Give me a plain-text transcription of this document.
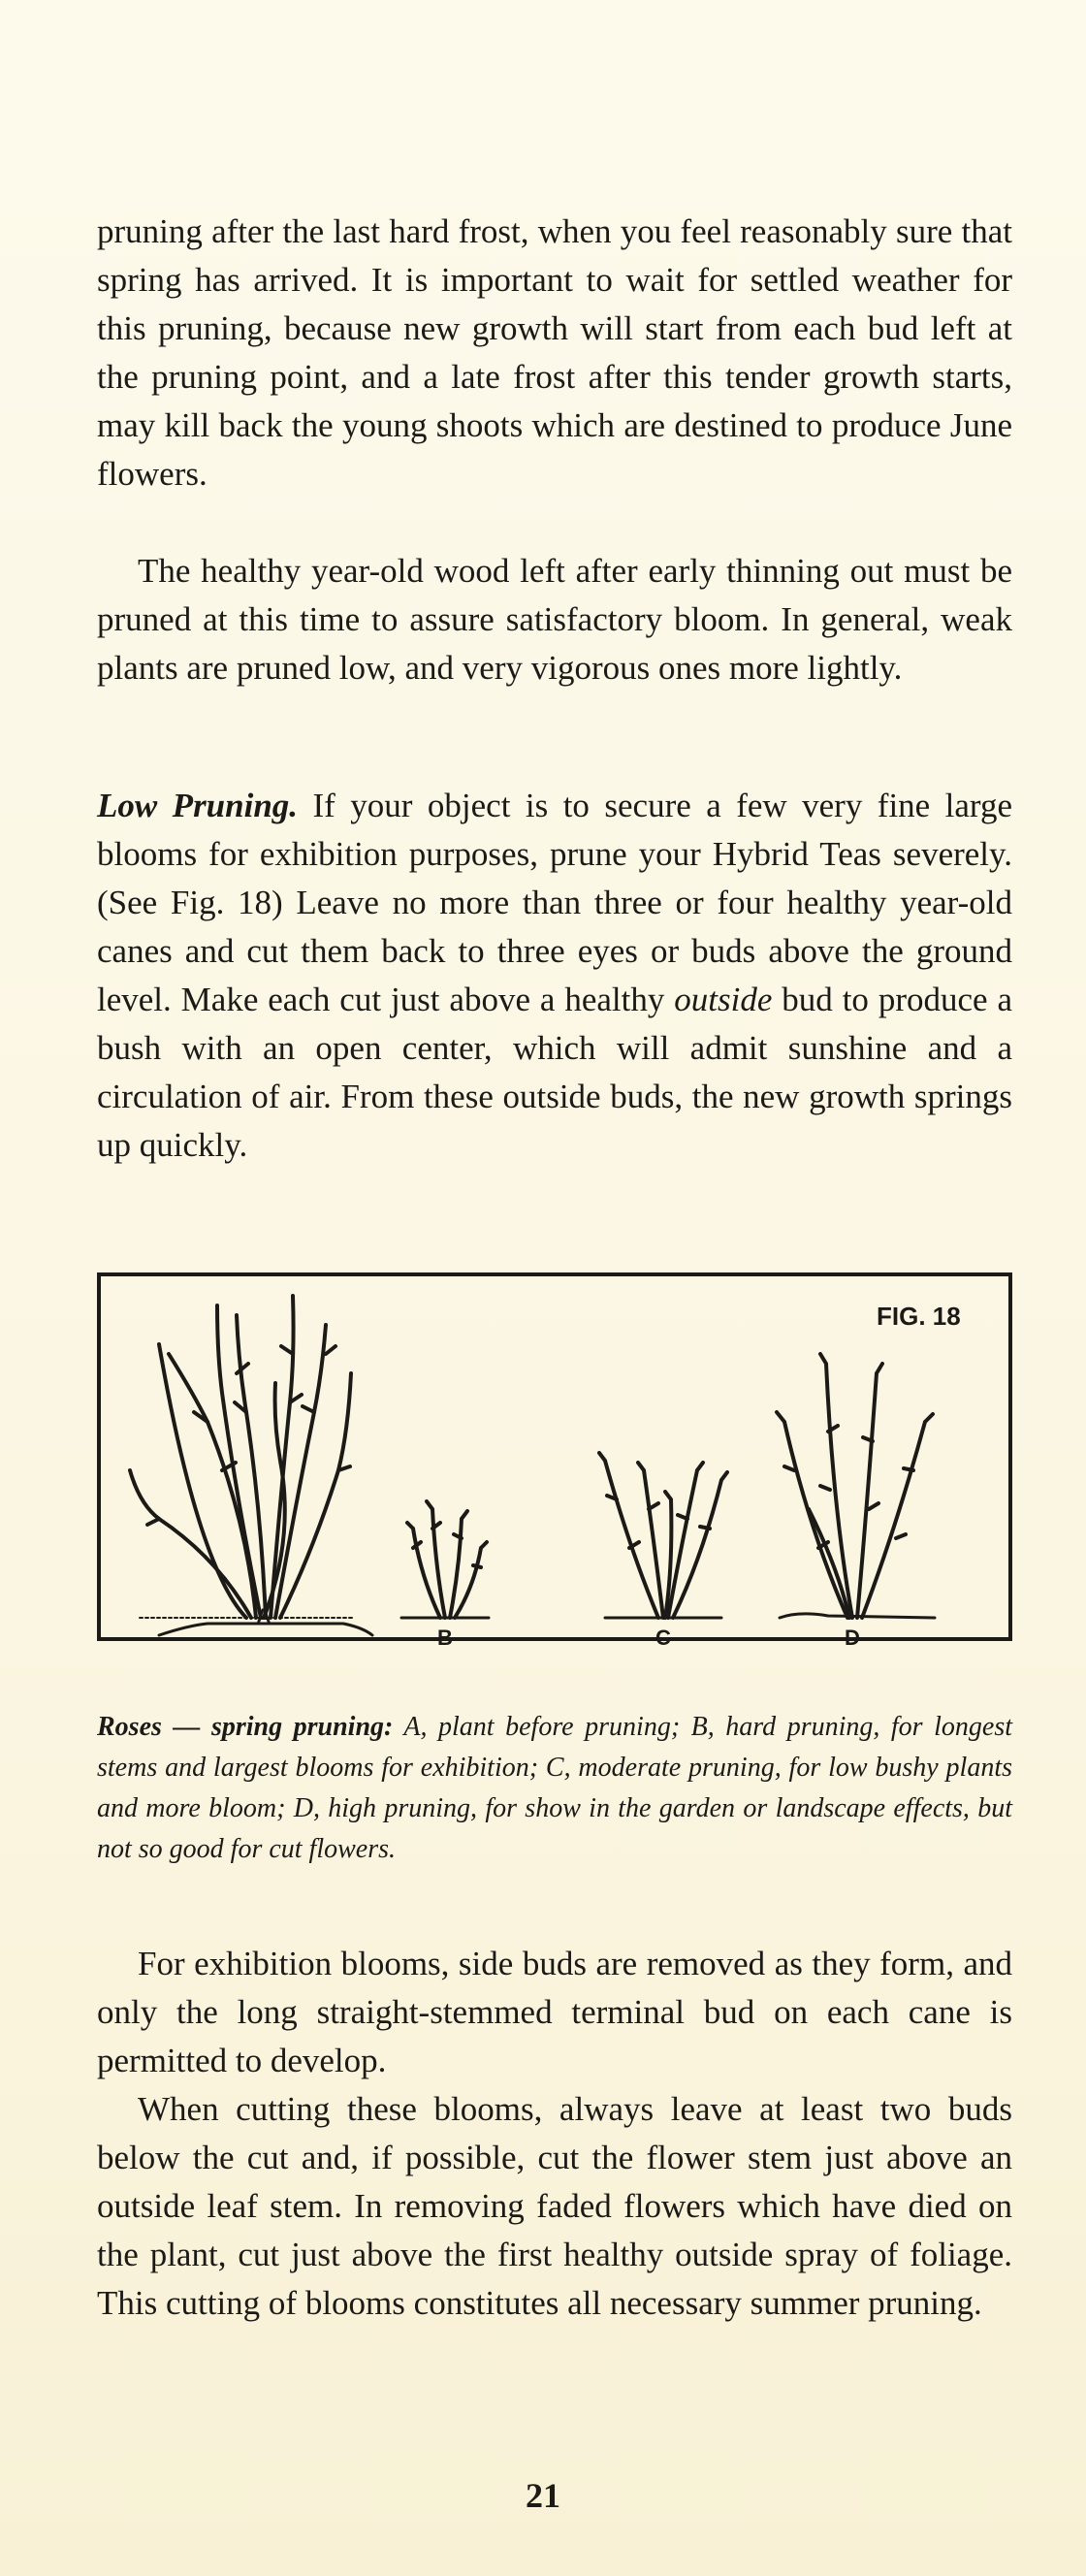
pruning after the last hard frost, when you feel reasonably sure that spring has arrived. It is important to wait for settled weather for this pruning, because new growth will start from each bud left at the pruning point, and a late frost after this tender growth starts, may kill back the young shoots which are destined to produce June flowers.

The healthy year-old wood left after early thinning out must be pruned at this time to assure satisfactory bloom. In general, weak plants are pruned low, and very vigorous ones more lightly.

Low Pruning. If your object is to secure a few very fine large blooms for exhibition purposes, prune your Hybrid Teas severely. (See Fig. 18) Leave no more than three or four healthy year-old canes and cut them back to three eyes or buds above the ground level. Make each cut just above a healthy outside bud to produce a bush with an open center, which will admit sunshine and a circulation of air. From these outside buds, the new growth springs up quickly.

FIG. 18
A
B	C	D

Roses — spring pruning: A, plant before pruning; B, hard pruning, for longest stems and largest blooms for exhibition; C, moderate pruning, for low bushy plants and more bloom; D, high pruning, for show in the garden or landscape effects, but not so good for cut flowers.

For exhibition blooms, side buds are removed as they form, and only the long straight-stemmed terminal bud on each cane is permitted to develop.

When cutting these blooms, always leave at least two buds below the cut and, if possible, cut the flower stem just above an outside leaf stem. In removing faded flowers which have died on the plant, cut just above the first healthy outside spray of foliage. This cutting of blooms constitutes all necessary summer pruning.

21
